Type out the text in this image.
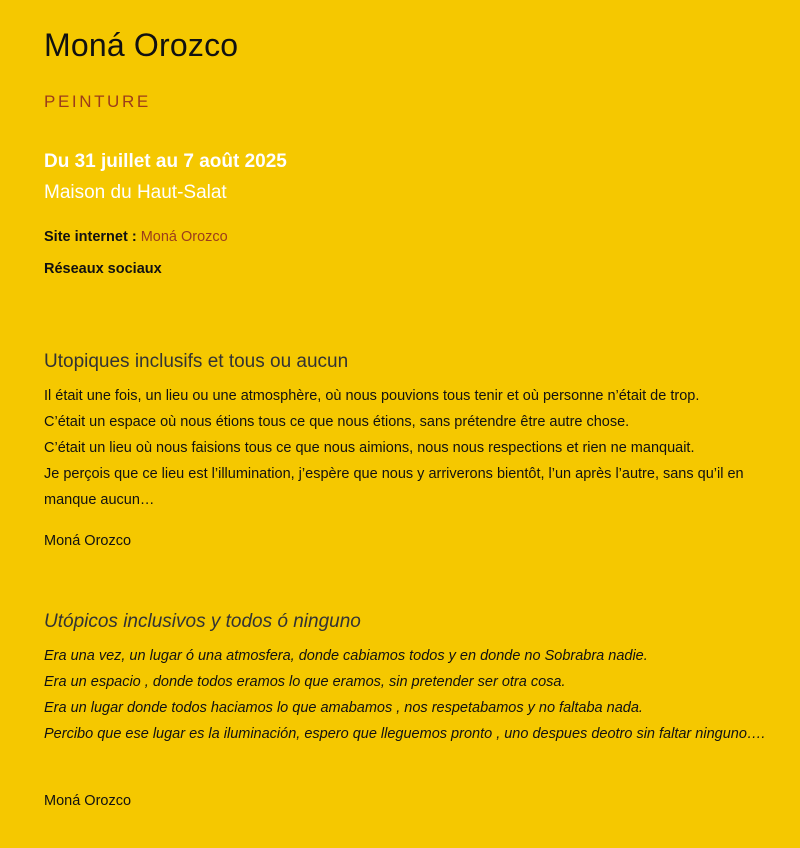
Moná Orozco
PEINTURE
Du 31 juillet au 7 août 2025
Maison du Haut-Salat
Site internet : Moná Orozco
Réseaux sociaux
Utopiques inclusifs et tous ou aucun

Il était une fois, un lieu ou une atmosphère, où nous pouvions tous tenir et où personne n’était de trop.
C’était un espace où nous étions tous ce que nous étions, sans prétendre être autre chose.
C’était un lieu où nous faisions tous ce que nous aimions, nous nous respections et rien ne manquait.
Je perçois que ce lieu est l’illumination, j’espère que nous y arriverons bientôt, l’un après l’autre, sans qu’il en manque aucun…

Moná Orozco
Utópicos inclusivos y todos ó ninguno

Era una vez, un lugar ó una atmosfera, donde cabiamos todos y en donde no Sobrabra nadie.
Era un espacio , donde todos eramos lo que eramos, sin pretender ser otra cosa.
Era un lugar donde todos haciamos lo que amabamos , nos respetabamos y no faltaba nada.
Percibo que ese lugar es la iluminación, espero que lleguemos pronto , uno despues deotro sin faltar ninguno….

Moná Orozco
